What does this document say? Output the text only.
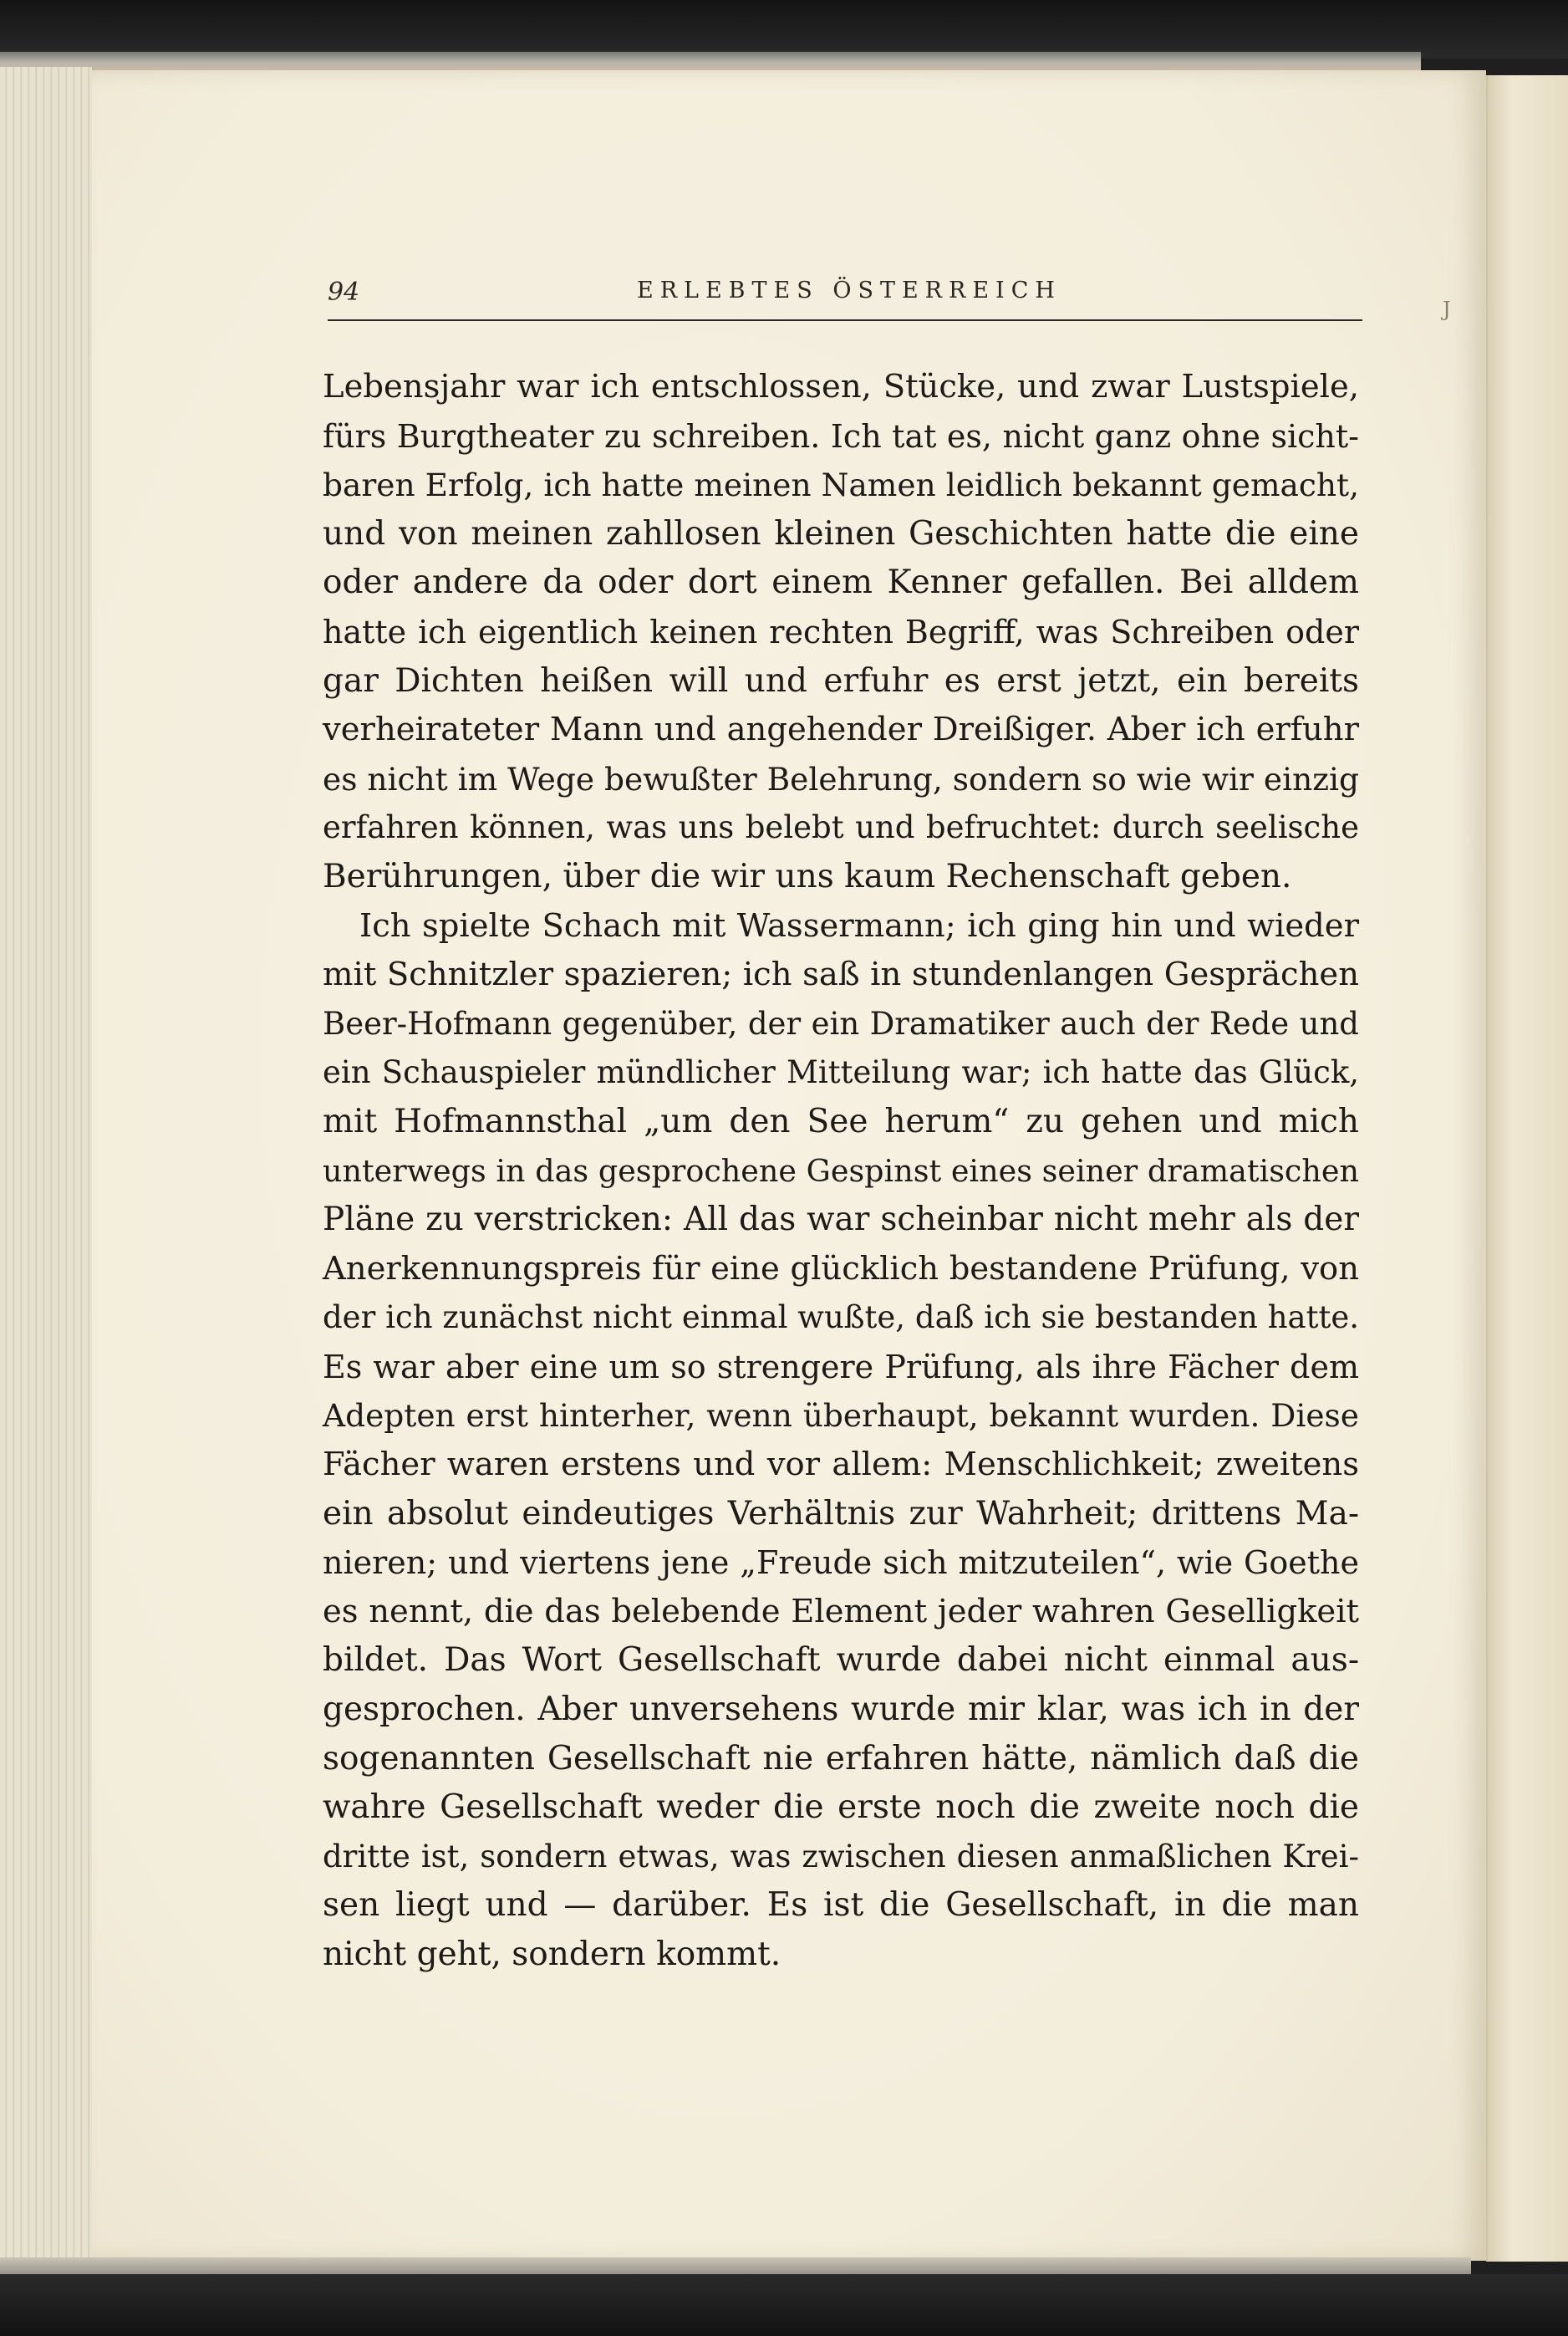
94	ERLEBTES ÖSTERREICH
J
Lebensjahr war ich entschlossen, Stücke, und zwar Lustspiele,
fürs Burgtheater zu schreiben. Ich tat es, nicht ganz ohne sicht-
baren Erfolg, ich hatte meinen Namen leidlich bekannt gemacht,
und von meinen zahllosen kleinen Geschichten hatte die eine
oder andere da oder dort einem Kenner gefallen. Bei alldem
hatte ich eigentlich keinen rechten Begriff, was Schreiben oder
gar Dichten heißen will und erfuhr es erst jetzt, ein bereits
verheirateter Mann und angehender Dreißiger. Aber ich erfuhr
es nicht im Wege bewußter Belehrung, sondern so wie wir einzig
erfahren können, was uns belebt und befruchtet: durch seelische
Berührungen, über die wir uns kaum Rechenschaft geben.
Ich spielte Schach mit Wassermann; ich ging hin und wieder
mit Schnitzler spazieren; ich saß in stundenlangen Gesprächen
Beer-Hofmann gegenüber, der ein Dramatiker auch der Rede und
ein Schauspieler mündlicher Mitteilung war; ich hatte das Glück,
mit Hofmannsthal „um den See herum“ zu gehen und mich
unterwegs in das gesprochene Gespinst eines seiner dramatischen
Pläne zu verstricken: All das war scheinbar nicht mehr als der
Anerkennungspreis für eine glücklich bestandene Prüfung, von
der ich zunächst nicht einmal wußte, daß ich sie bestanden hatte.
Es war aber eine um so strengere Prüfung, als ihre Fächer dem
Adepten erst hinterher, wenn überhaupt, bekannt wurden. Diese
Fächer waren erstens und vor allem: Menschlichkeit; zweitens
ein absolut eindeutiges Verhältnis zur Wahrheit; drittens Ma-
nieren; und viertens jene „Freude sich mitzuteilen“, wie Goethe
es nennt, die das belebende Element jeder wahren Geselligkeit
bildet. Das Wort Gesellschaft wurde dabei nicht einmal aus-
gesprochen. Aber unversehens wurde mir klar, was ich in der
sogenannten Gesellschaft nie erfahren hätte, nämlich daß die
wahre Gesellschaft weder die erste noch die zweite noch die
dritte ist, sondern etwas, was zwischen diesen anmaßlichen Krei-
sen liegt und — darüber. Es ist die Gesellschaft, in die man
nicht geht, sondern kommt.
